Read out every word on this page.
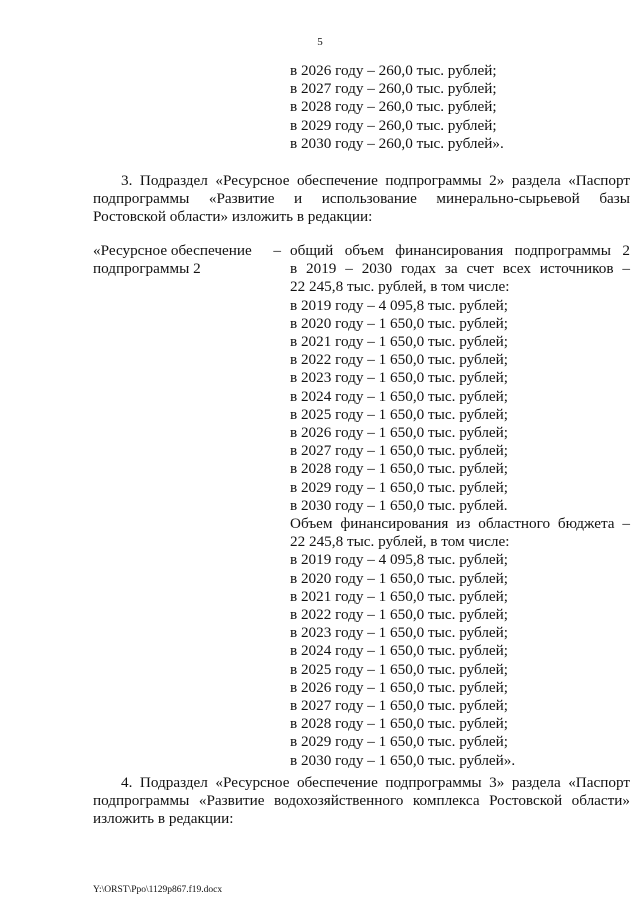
5
в 2026 году – 260,0 тыс. рублей;
в 2027 году – 260,0 тыс. рублей;
в 2028 году – 260,0 тыс. рублей;
в 2029 году – 260,0 тыс. рублей;
в 2030 году – 260,0 тыс. рублей».
3. Подраздел «Ресурсное обеспечение подпрограммы 2» раздела «Паспорт
подпрограммы «Развитие и использование минерально-сырьевой базы
Ростовской области» изложить в редакции:
«Ресурсное обеспечение –
подпрограммы 2
общий объем финансирования подпрограммы 2
в 2019 – 2030 годах за счет всех источников –
22 245,8 тыс. рублей, в том числе:
в 2019 году – 4 095,8 тыс. рублей;
в 2020 году – 1 650,0 тыс. рублей;
в 2021 году – 1 650,0 тыс. рублей;
в 2022 году – 1 650,0 тыс. рублей;
в 2023 году – 1 650,0 тыс. рублей;
в 2024 году – 1 650,0 тыс. рублей;
в 2025 году – 1 650,0 тыс. рублей;
в 2026 году – 1 650,0 тыс. рублей;
в 2027 году – 1 650,0 тыс. рублей;
в 2028 году – 1 650,0 тыс. рублей;
в 2029 году – 1 650,0 тыс. рублей;
в 2030 году – 1 650,0 тыс. рублей.
Объем финансирования из областного бюджета –
22 245,8 тыс. рублей, в том числе:
в 2019 году – 4 095,8 тыс. рублей;
в 2020 году – 1 650,0 тыс. рублей;
в 2021 году – 1 650,0 тыс. рублей;
в 2022 году – 1 650,0 тыс. рублей;
в 2023 году – 1 650,0 тыс. рублей;
в 2024 году – 1 650,0 тыс. рублей;
в 2025 году – 1 650,0 тыс. рублей;
в 2026 году – 1 650,0 тыс. рублей;
в 2027 году – 1 650,0 тыс. рублей;
в 2028 году – 1 650,0 тыс. рублей;
в 2029 году – 1 650,0 тыс. рублей;
в 2030 году – 1 650,0 тыс. рублей».
4. Подраздел «Ресурсное обеспечение подпрограммы 3» раздела «Паспорт
подпрограммы «Развитие водохозяйственного комплекса Ростовской области»
изложить в редакции:
Y:\ORST\Ppo\1129p867.f19.docx
